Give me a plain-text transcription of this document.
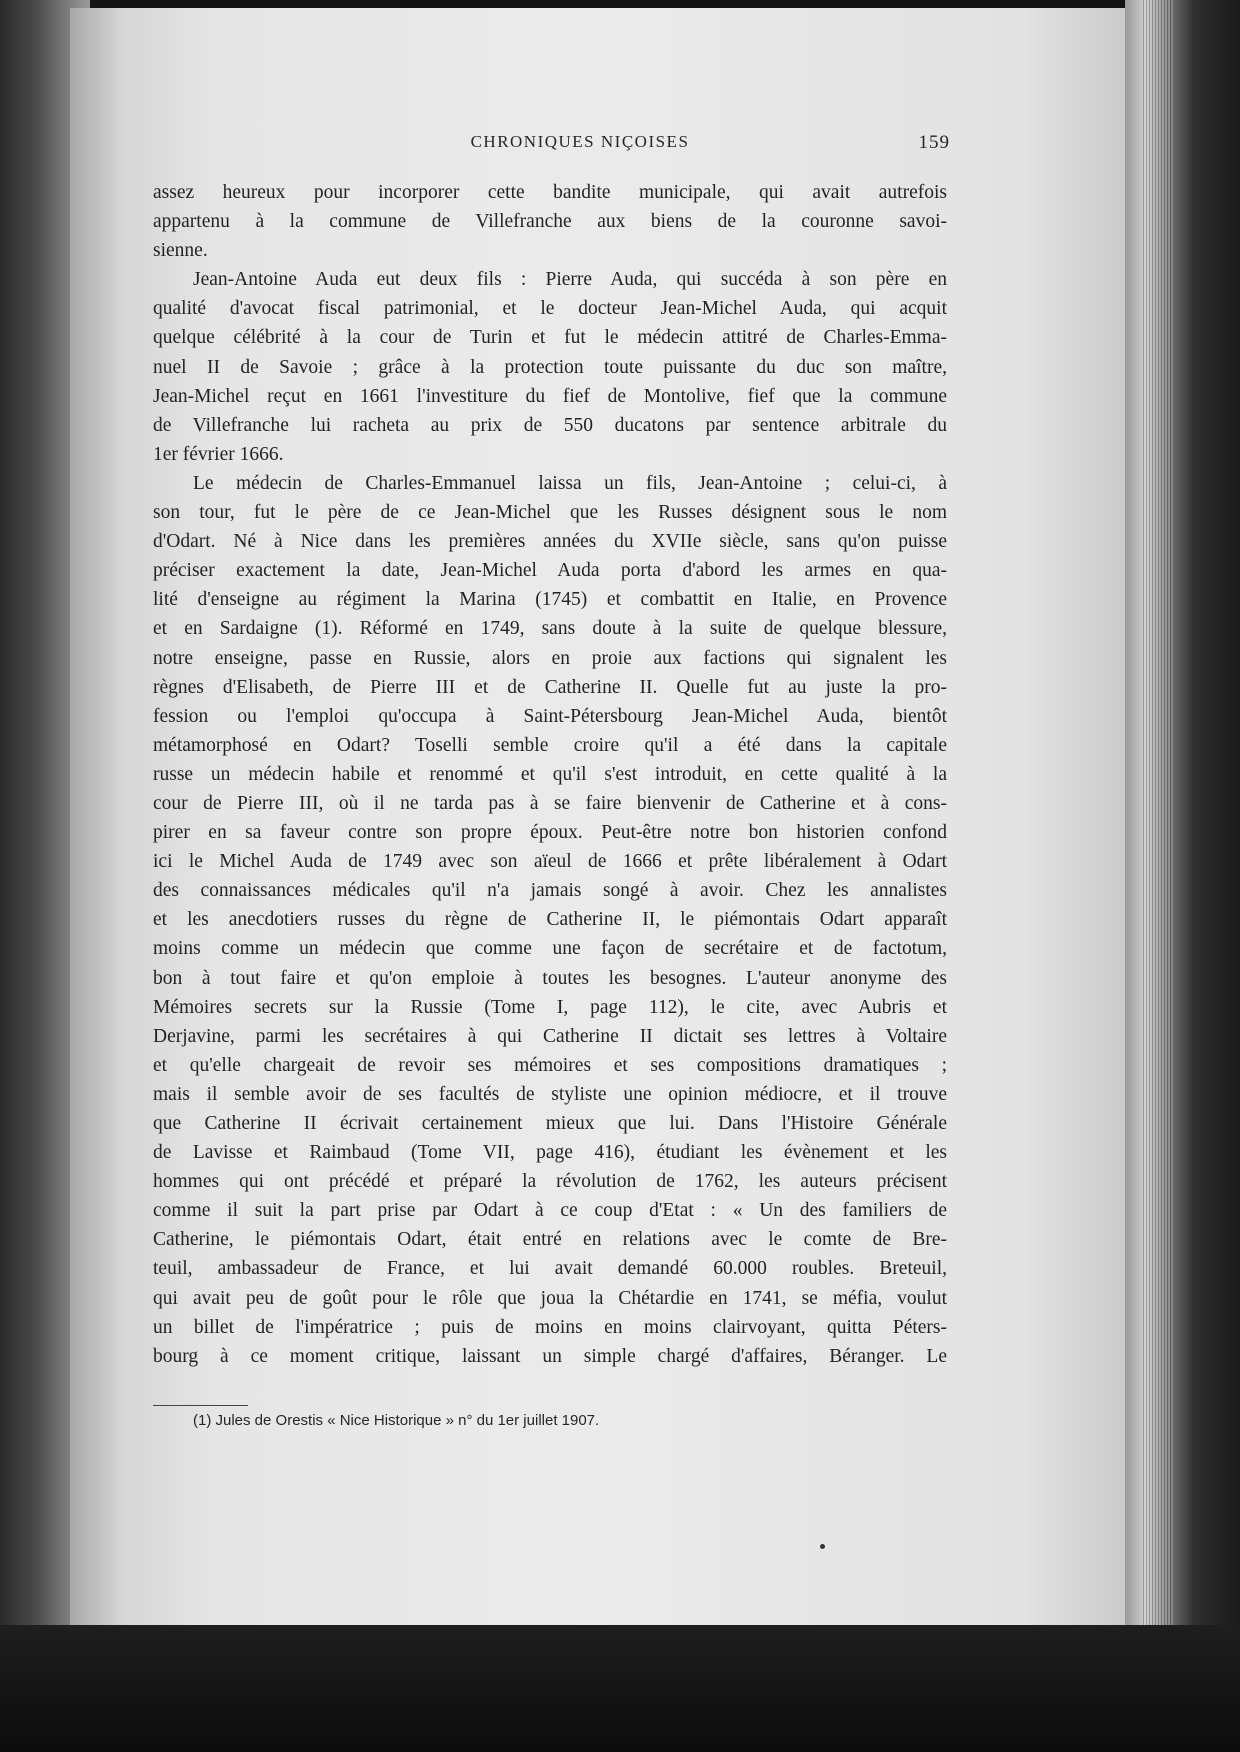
CHRONIQUES NIÇOISES	159
assez heureux pour incorporer cette bandite municipale, qui avait autrefois
appartenu à la commune de Villefranche aux biens de la couronne savoi-
sienne.
Jean-Antoine Auda eut deux fils : Pierre Auda, qui succéda à son père en
qualité d'avocat fiscal patrimonial, et le docteur Jean-Michel Auda, qui acquit
quelque célébrité à la cour de Turin et fut le médecin attitré de Charles-Emma-
nuel II de Savoie ; grâce à la protection toute puissante du duc son maître,
Jean-Michel reçut en 1661 l'investiture du fief de Montolive, fief que la commune
de Villefranche lui racheta au prix de 550 ducatons par sentence arbitrale du
1er février 1666.
Le médecin de Charles-Emmanuel laissa un fils, Jean-Antoine ; celui-ci, à
son tour, fut le père de ce Jean-Michel que les Russes désignent sous le nom
d'Odart. Né à Nice dans les premières années du XVIIe siècle, sans qu'on puisse
préciser exactement la date, Jean-Michel Auda porta d'abord les armes en qua-
lité d'enseigne au régiment la Marina (1745) et combattit en Italie, en Provence
et en Sardaigne (1). Réformé en 1749, sans doute à la suite de quelque blessure,
notre enseigne, passe en Russie, alors en proie aux factions qui signalent les
règnes d'Elisabeth, de Pierre III et de Catherine II. Quelle fut au juste la pro-
fession ou l'emploi qu'occupa à Saint-Pétersbourg Jean-Michel Auda, bientôt
métamorphosé en Odart? Toselli semble croire qu'il a été dans la capitale
russe un médecin habile et renommé et qu'il s'est introduit, en cette qualité à la
cour de Pierre III, où il ne tarda pas à se faire bienvenir de Catherine et à cons-
pirer en sa faveur contre son propre époux. Peut-être notre bon historien confond
ici le Michel Auda de 1749 avec son aïeul de 1666 et prête libéralement à Odart
des connaissances médicales qu'il n'a jamais songé à avoir. Chez les annalistes
et les anecdotiers russes du règne de Catherine II, le piémontais Odart apparaît
moins comme un médecin que comme une façon de secrétaire et de factotum,
bon à tout faire et qu'on emploie à toutes les besognes. L'auteur anonyme des
Mémoires secrets sur la Russie (Tome I, page 112), le cite, avec Aubris et
Derjavine, parmi les secrétaires à qui Catherine II dictait ses lettres à Voltaire
et qu'elle chargeait de revoir ses mémoires et ses compositions dramatiques ;
mais il semble avoir de ses facultés de styliste une opinion médiocre, et il trouve
que Catherine II écrivait certainement mieux que lui. Dans l'Histoire Générale
de Lavisse et Raimbaud (Tome VII, page 416), étudiant les évènement et les
hommes qui ont précédé et préparé la révolution de 1762, les auteurs précisent
comme il suit la part prise par Odart à ce coup d'Etat : « Un des familiers de
Catherine, le piémontais Odart, était entré en relations avec le comte de Bre-
teuil, ambassadeur de France, et lui avait demandé 60.000 roubles. Breteuil,
qui avait peu de goût pour le rôle que joua la Chétardie en 1741, se méfia, voulut
un billet de l'impératrice ; puis de moins en moins clairvoyant, quitta Péters-
bourg à ce moment critique, laissant un simple chargé d'affaires, Béranger. Le
(1) Jules de Orestis « Nice Historique » n° du 1er juillet 1907.
